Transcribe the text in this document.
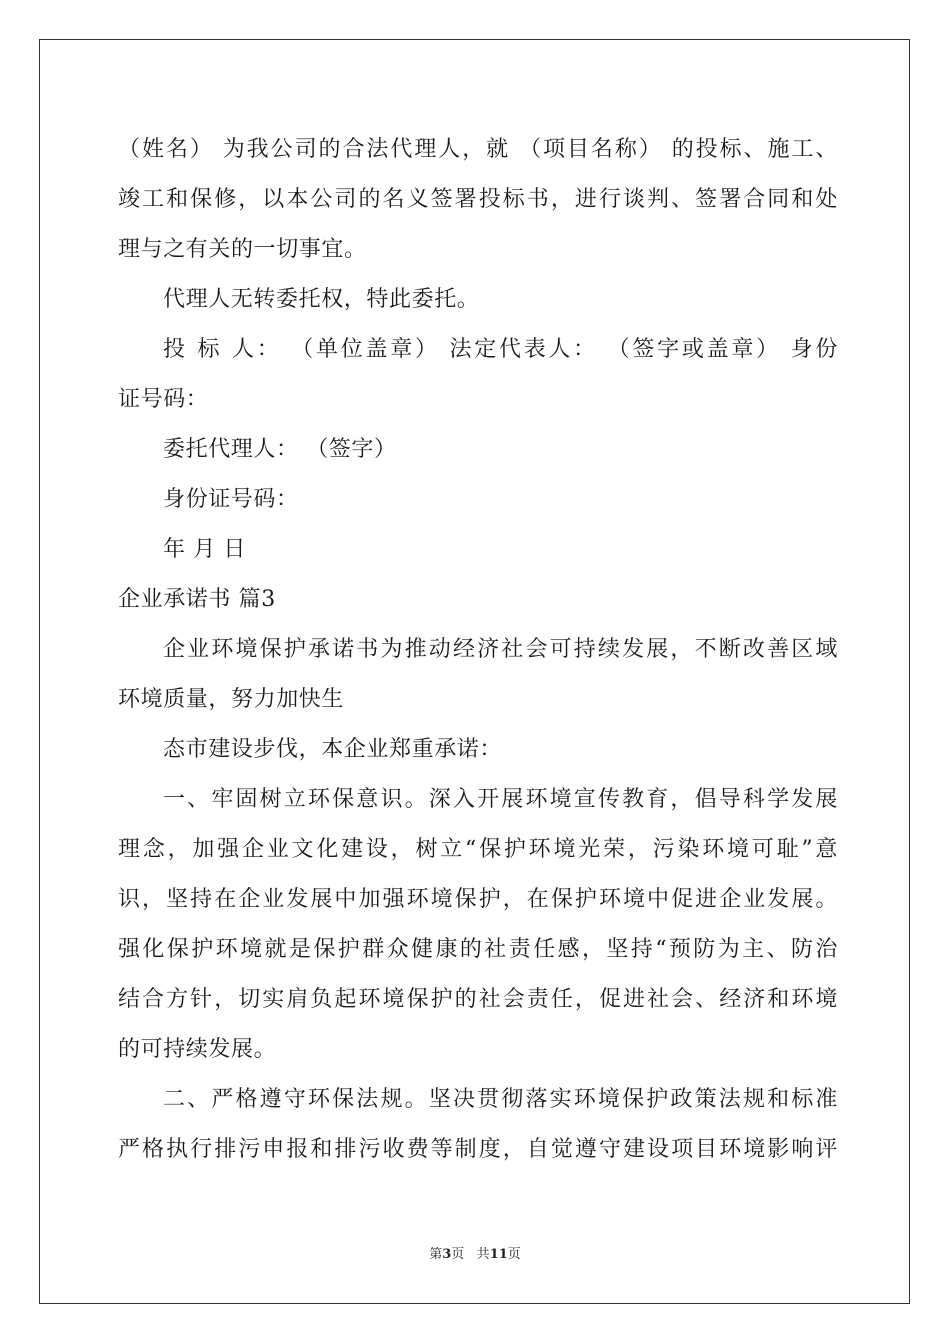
（姓名） 为我公司的合法代理人，就 （项目名称） 的投标、施工、
竣工和保修，以本公司的名义签署投标书，进行谈判、签署合同和处
理与之有关的一切事宜。
代理人无转委托权，特此委托。
投 标 人： （单位盖章） 法定代表人： （签字或盖章） 身份
证号码：
委托代理人： （签字）
身份证号码：
年 月 日
企业承诺书 篇3
企业环境保护承诺书为推动经济社会可持续发展，不断改善区域
环境质量，努力加快生
态市建设步伐，本企业郑重承诺：
一、牢固树立环保意识。深入开展环境宣传教育，倡导科学发展
理念，加强企业文化建设，树立“保护环境光荣，污染环境可耻”意
识，坚持在企业发展中加强环境保护，在保护环境中促进企业发展。
强化保护环境就是保护群众健康的社责任感，坚持“预防为主、防治
结合方针，切实肩负起环境保护的社会责任，促进社会、经济和环境
的可持续发展。
二、严格遵守环保法规。坚决贯彻落实环境保护政策法规和标准
严格执行排污申报和排污收费等制度，自觉遵守建设项目环境影响评
第3页 共11页
